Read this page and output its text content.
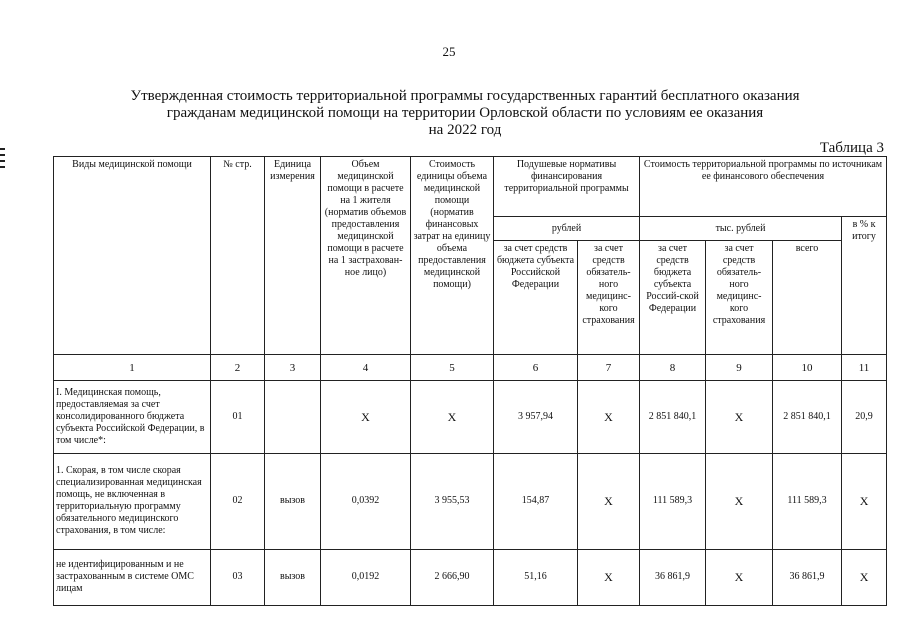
25
Утвержденная стоимость территориальной программы государственных гарантий бесплатного оказания
гражданам медицинской помощи на территории Орловской области по условиям ее оказания
на 2022 год
Таблица 3
Виды медицинской помощи	№ стр.	Единица измерения	Объем медицинской помощи в расчете на 1 жителя (норматив объемов предоставления медицинской помощи в расчете на 1 застрахован-ное лицо)	Стоимость единицы объема медицинской помощи (норматив финансовых затрат на единицу объема предоставления медицинской помощи)	Подушевые нормативы финансирования территориальной программы		Стоимость территориальной программы по источникам ее финансового обеспечения			
					рублей		тыс. рублей			в % к итогу
					за счет средств бюджета субъекта Российской Федерации	за счет средств обязатель-ного медицинс-кого страхования	за счет средств бюджета субъекта Россий-ской Федерации	за счет средств обязатель-ного медицинс-кого страхования	всего	
1	2	3	4	5	6	7	8	9	10	11
I. Медицинская помощь, предоставляемая за счет консолидированного бюджета субъекта Российской Федерации, в том числе*:	01		X	X	3 957,94	X	2 851 840,1	X	2 851 840,1	20,9
1. Скорая, в том числе скорая специализированная медицинская помощь, не включенная в территориальную программу обязательного медицинского страхования, в том числе:	02	вызов	0,0392	3 955,53	154,87	X	111 589,3	X	111 589,3	X
не идентифицированным и не застрахованным в системе ОМС лицам	03	вызов	0,0192	2 666,90	51,16	X	36 861,9	X	36 861,9	X
